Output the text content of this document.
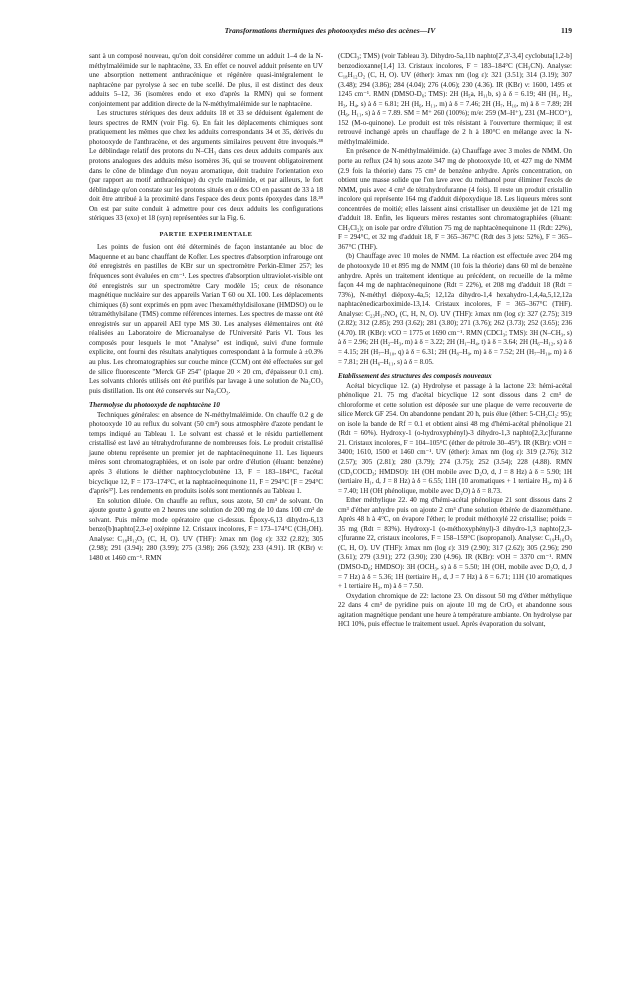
Transformations thermiques des photooxydes méso des acènes—IV	119

sant à un composé nouveau, qu'on doit considérer comme un adduit 1–4 de la N-méthylmaléimide sur le naphtacène, 33. En effet ce nouvel adduit présente en UV une absorption nettement anthracénique et régénère quasi-intégralement le naphtacène par pyrolyse à sec en tube scellé. De plus, il est distinct des deux adduits 5–12, 36 (isomères endo et exo d'après la RMN) qui se forment conjointement par addition directe de la N-méthylmaléimide sur le naphtacène.

Les structures stériques des deux adduits 18 et 33 se déduisent également de leurs spectres de RMN (voir Fig. 6). En fait les déplacements chimiques sont pratiquement les mêmes que chez les adduits correspondants 34 et 35, dérivés du photooxyde de l'anthracène, et des arguments similaires peuvent être invoqués.³⁸ Le déblindage relatif des protons du N–CH₃ dans ces deux adduits comparés aux protons analogues des adduits méso isomères 36, qui se trouvent obligatoirement dans le cône de blindage d'un noyau aromatique, doit traduire l'orientation exo (par rapport au motif anthracénique) du cycle maléimide, et par ailleurs, le fort déblindage qu'on constate sur les protons situés en α des CO en passant de 33 à 18 doit être attribué à la proximité dans l'espace des deux ponts époxydes dans 18.³⁸ On est par suite conduit à admettre pour ces deux adduits les configurations stériques 33 (exo) et 18 (syn) représentées sur la Fig. 6.

PARTIE EXPERIMENTALE

Les points de fusion ont été déterminés de façon instantanée au bloc de Maquenne et au banc chauffant de Kofler. Les spectres d'absorption infrarouge ont été enregistrés en pastilles de KBr sur un spectromètre Perkin-Elmer 257; les fréquences sont évaluées en cm⁻¹. Les spectres d'absorption ultraviolet-visible ont été enregistrés sur un spectromètre Cary modèle 15; ceux de résonance magnétique nucléaire sur des appareils Varian T 60 ou XL 100. Les déplacements chimiques (δ) sont exprimés en ppm avec l'hexaméthyldisiloxane (HMDSO) ou le tétraméthylsilane (TMS) comme références internes. Les spectres de masse ont été enregistrés sur un appareil AEI type MS 30. Les analyses élémentaires ont été réalisées au Laboratoire de Microanalyse de l'Université Paris VI. Tous les composés pour lesquels le mot "Analyse" est indiqué, suivi d'une formule explicite, ont fourni des résultats analytiques correspondant à la formule à ±0.3% au plus. Les chromatographies sur couche mince (CCM) ont été effectuées sur gel de silice fluorescente "Merck GF 254" (plaque 20 × 20 cm, d'épaisseur 0.1 cm). Les solvants chlorés utilisés ont été purifiés par lavage à une solution de Na₂CO₃ puis distillation. Ils ont été conservés sur Na₂CO₃.

Thermolyse du photooxyde de naphtacène 10

Techniques générales: en absence de N-méthylmaléimide. On chauffe 0.2 g de photooxyde 10 au reflux du solvant (50 cm³) sous atmosphère d'azote pendant le temps indiqué au Tableau 1. Le solvant est chassé et le résidu partiellement cristallisé est lavé au tétrahydrofuranne de nombreuses fois. Le produit cristallisé jaune obtenu représente un premier jet de naphtacènequinone 11. Les liqueurs mères sont chromatographiées, et on isole par ordre d'élution (éluant: benzène) après 3 élutions le diéther naphtocyclobutène 13, F = 183–184°C, l'acétal bicyclique 12, F = 173–174°C, et la naphtacènequinone 11, F = 294°C [F = 294°C d'après³⁷]. Les rendements en produits isolés sont mentionnés au Tableau 1.

En solution diluée. On chauffe au reflux, sous azote, 50 cm³ de solvant. On ajoute goutte à goutte en 2 heures une solution de 200 mg de 10 dans 100 cm³ de solvant. Puis même mode opératoire que ci-dessus. Époxy-6,13 dihydro-6,13 benzo[b]naphto[2,3-e] oxépinne 12. Cristaux incolores, F = 173–174°C (CH₃OH). Analyse: C₁₈H₁₂O₂ (C, H, O). UV (THF): λmax nm (log ε): 332 (2.82); 305 (2.98); 291 (3.94); 280 (3.99); 275 (3.98); 266 (3.92); 233 (4.91). IR (KBr) ν: 1480 et 1460 cm⁻¹. RMN

(CDCl₃; TMS) (voir Tableau 3). Dihydro-5a,11b naphto[2',3'-3,4] cyclobuta[1,2-b] benzodioxanne[1,4] 13. Cristaux incolores, F = 183–184°C (CH₃CN). Analyse: C₁₈H₁₂O₂ (C, H, O). UV (éther): λmax nm (log ε): 321 (3.51); 314 (3.19); 307 (3.48); 294 (3.86); 284 (4.04); 276 (4.06); 230 (4.36). IR (KBr) ν: 1600, 1495 et 1245 cm⁻¹. RMN (DMSO-D₆; TMS): 2H (H₅a, H₁₁b, s) à δ = 6.19; 4H (H₁, H₂, H₃, H₄, s) à δ = 6.81; 2H (H₆, H₁₁, m) à δ = 7.46; 2H (H₇, H₁₀, m) à δ = 7.89; 2H (H₆, H₁₁, s) à δ = 7.89. SM = M⁺ 260 (100%); m/e: 259 (M–H⁺), 231 (M–HCO⁺), 152 (M-o-quinone). Le produit est très résistant à l'ouverture thermique; il est retrouvé inchangé après un chauffage de 2 h à 180°C en mélange avec la N-méthylmaléimide.

En présence de N-méthylmaléimide. (a) Chauffage avec 3 moles de NMM. On porte au reflux (24 h) sous azote 347 mg de photooxyde 10, et 427 mg de NMM (2.9 fois la théorie) dans 75 cm³ de benzène anhydre. Après concentration, on obtient une masse solide que l'on lave avec du méthanol pour éliminer l'excès de NMM, puis avec 4 cm³ de tétrahydrofuranne (4 fois). Il reste un produit cristallin incolore qui représente 164 mg d'adduit diépoxydique 18. Les liqueurs mères sont concentrées de moitié; elles laissent ainsi cristalliser un deuxième jet de 121 mg d'adduit 18. Enfin, les liqueurs mères restantes sont chromatographiées (éluant: CH₂Cl₂); on isole par ordre d'élution 75 mg de naphtacènequinone 11 (Rdt: 22%), F = 294°C, et 32 mg d'adduit 18, F = 365–367°C (Rdt des 3 jets: 52%), F = 365–367°C (THF).

(b) Chauffage avec 10 moles de NMM. La réaction est effectuée avec 204 mg de photooxyde 10 et 895 mg de NMM (10 fois la théorie) dans 60 ml de benzène anhydre. Après un traitement identique au précédent, on recueille de la même façon 44 mg de naphtacènequinone (Rdt = 22%), et 208 mg d'adduit 18 (Rdt = 73%), N-méthyl diépoxy-4a,5; 12,12a dihydro-1,4 hexahydro-1,4,4a,5,12,12a naphtacènedicarboximide-13,14. Cristaux incolores, F = 365–367°C (THF). Analyse: C₂₃H₁₇NO₄ (C, H, N, O). UV (THF): λmax nm (log ε): 327 (2.75); 319 (2.82); 312 (2.85); 293 (3.62); 281 (3.80); 271 (3.76); 262 (3.73); 252 (3.65); 236 (4.70). IR (KBr): νCO = 1775 et 1690 cm⁻¹. RMN (CDCl₃; TMS): 3H (N–CH₃, s) à δ = 2.96; 2H (H₂–H₃, m) à δ = 3.22; 2H (H₁–H₄, t) à δ = 3.64; 2H (H₆–H₁₂, s) à δ = 4.15; 2H (H₇–H₁₀, q) à δ = 6.31; 2H (H₈–H₉, m) à δ = 7.52; 2H (H₇–H₁₀, m) à δ = 7.81; 2H (H₆–H₁₁, s) à δ = 8.05.

Etablissement des structures des composés nouveaux

Acétal bicyclique 12. (a) Hydrolyse et passage à la lactone 23: hémi-acétal phénolique 21. 75 mg d'acétal bicyclique 12 sont dissous dans 2 cm³ de chloroforme et cette solution est déposée sur une plaque de verre recouverte de silice Merck GF 254. On abandonne pendant 20 h, puis élue (éther: 5-CH₂Cl₂: 95); on isole la bande de Rf = 0.1 et obtient ainsi 48 mg d'hémi-acétal phénolique 21 (Rdt = 60%). Hydroxy-1 (o-hydroxyphényl)-3 dihydro-1,3 naphto[2,3,c]furanne 21. Cristaux incolores, F = 104–105°C (éther de pétrole 30–45°). IR (KBr): νOH = 3400; 1610, 1500 et 1460 cm⁻¹. UV (éther): λmax nm (log ε): 319 (2.76); 312 (2.57); 305 (2.81); 280 (3.79); 274 (3.75); 252 (3.54); 228 (4.88). RMN (CD₃COCD₃; HMDSO): 1H (OH mobile avec D₂O, d, J = 8 Hz) à δ = 5.90; 1H (tertiaire H₁, d, J = 8 Hz) à δ = 6.55; 11H (10 aromatiques + 1 tertiaire H₃, m) à δ = 7.40; 1H (OH phénolique, mobile avec D₂O) à δ = 8.73.

Ether méthylique 22. 40 mg d'hémi-acétal phénolique 21 sont dissous dans 2 cm³ d'éther anhydre puis on ajoute 2 cm³ d'une solution éthérée de diazométhane. Après 48 h à 4°C, on évapore l'éther; le produit méthoxylé 22 cristallise; poids = 35 mg (Rdt = 83%). Hydroxy-1 (o-méthoxyphényl)-3 dihydro-1,3 naphto[2,3-c]furanne 22, cristaux incolores, F = 158–159°C (isopropanol). Analyse: C₁₉H₁₆O₃ (C, H, O). UV (THF): λmax nm (log ε): 319 (2.90); 317 (2.62); 305 (2.96); 290 (3.61); 279 (3.91); 272 (3.90); 230 (4.96). IR (KBr): νOH = 3370 cm⁻¹. RMN (DMSO-D₆; HMDSO): 3H (OCH₃, s) à δ = 5.50; 1H (OH, mobile avec D₂O, d, J = 7 Hz) à δ = 5.36; 1H (tertiaire H₁, d, J = 7 Hz) à δ = 6.71; 11H (10 aromatiques + 1 tertiaire H₃, m) à δ = 7.50.

Oxydation chromique de 22: lactone 23. On dissout 50 mg d'éther méthylique 22 dans 4 cm³ de pyridine puis on ajoute 10 mg de CrO₃ et abandonne sous agitation magnétique pendant une heure à température ambiante. On hydrolyse par HCl 10%, puis effectue le traitement usuel. Après évaporation du solvant,
